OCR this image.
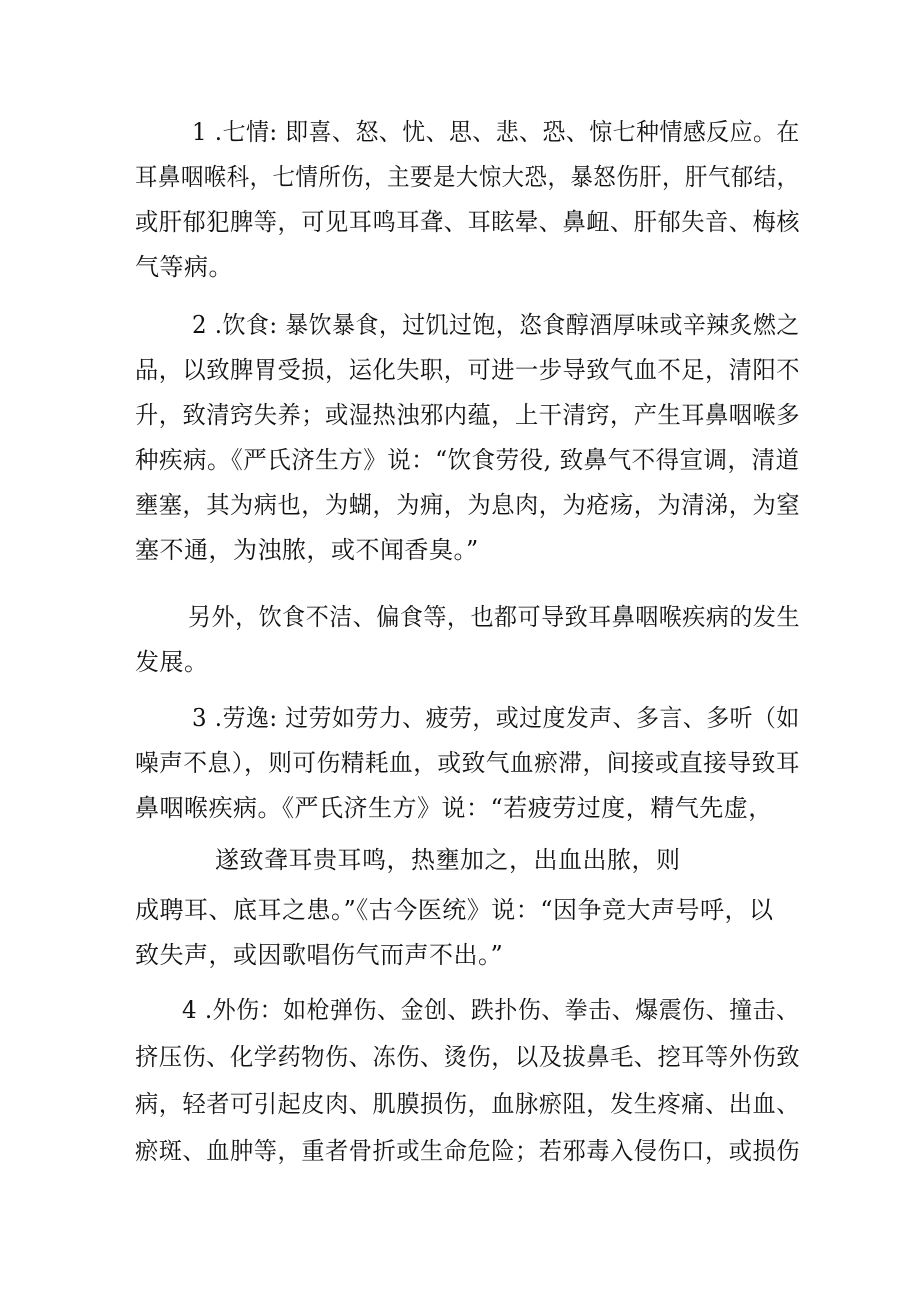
1 .七情: 即喜、怒、忧、思、悲、恐、惊七种情感反应。在
耳鼻咽喉科，七情所伤，主要是大惊大恐，暴怒伤肝，肝气郁结，
或肝郁犯脾等，可见耳鸣耳聋、耳眩晕、鼻衄、肝郁失音、梅核
气等病。
2 .饮食: 暴饮暴食，过饥过饱，恣食醇酒厚味或辛辣炙燃之
品，以致脾胃受损，运化失职，可进一步导致气血不足，清阳不
升，致清窍失养；或湿热浊邪内蕴，上干清窍，产生耳鼻咽喉多
种疾病。《严氏济生方》说：“饮食劳役, 致鼻气不得宣调，清道
壅塞，其为病也，为蝴，为痈，为息肉，为疮疡，为清涕，为窒
塞不通，为浊脓，或不闻香臭。”
另外，饮食不洁、偏食等，也都可导致耳鼻咽喉疾病的发生
发展。
3 .劳逸: 过劳如劳力、疲劳，或过度发声、多言、多听（如
噪声不息），则可伤精耗血，或致气血瘀滞，间接或直接导致耳
鼻咽喉疾病。《严氏济生方》说：“若疲劳过度，精气先虚，
遂致聋耳贵耳鸣，热壅加之，出血出脓，则
成聘耳、底耳之患。”《古今医统》说：“因争竞大声号呼，以
致失声，或因歌唱伤气而声不出。”
4 .外伤：如枪弹伤、金创、跌扑伤、拳击、爆震伤、撞击、
挤压伤、化学药物伤、冻伤、烫伤，以及拔鼻毛、挖耳等外伤致
病，轻者可引起皮肉、肌膜损伤，血脉瘀阻，发生疼痛、出血、
瘀斑、血肿等，重者骨折或生命危险；若邪毒入侵伤口，或损伤
